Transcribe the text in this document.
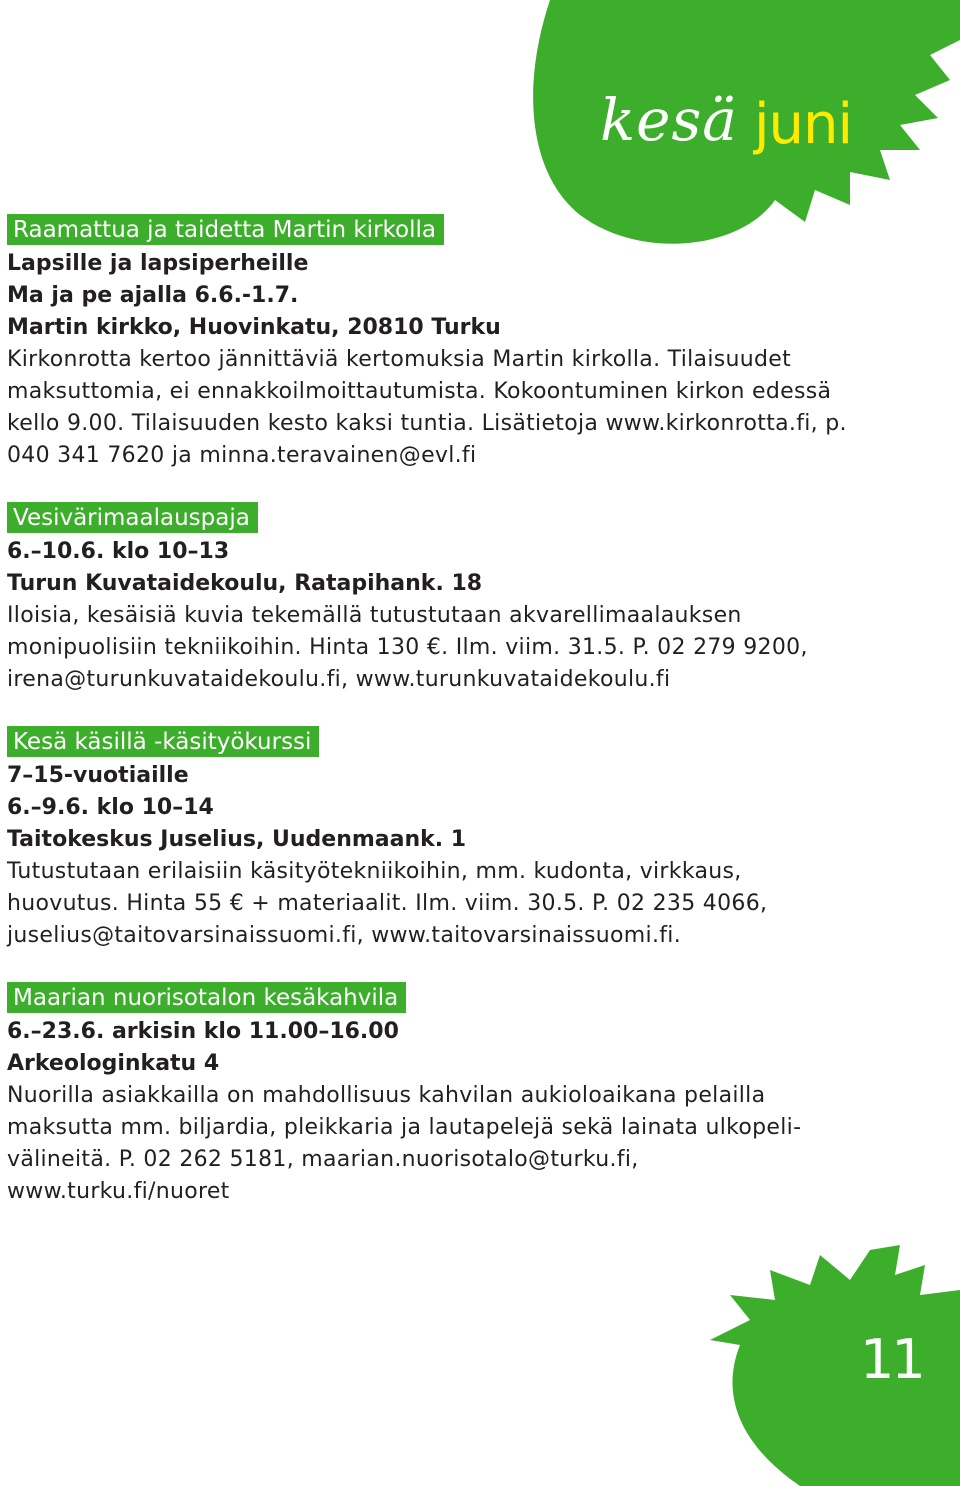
kesä juni
Raamattua ja taidetta Martin kirkolla
Lapsille ja lapsiperheille
Ma ja pe ajalla 6.6.-1.7.
Martin kirkko, Huovinkatu, 20810 Turku
Kirkonrotta kertoo jännittäviä kertomuksia Martin kirkolla. Tilaisuudet maksuttomia, ei ennakkoilmoittautumista. Kokoontuminen kirkon edessä kello 9.00. Tilaisuuden kesto kaksi tuntia. Lisätietoja www.kirkonrotta.fi, p. 040 341 7620 ja minna.teravainen@evl.fi
Vesivärimaalauspaja
6.–10.6. klo 10–13
Turun Kuvataidekoulu, Ratapihank. 18
Iloisia, kesäisiä kuvia tekemällä tutustutaan akvarellimaalauksen monipuolisiin tekniikoihin. Hinta 130 €. Ilm. viim. 31.5. P. 02 279 9200, irena@turunkuvataidekoulu.fi, www.turunkuvataidekoulu.fi
Kesä käsillä -käsityökurssi
7–15-vuotiaille
6.–9.6. klo 10–14
Taitokeskus Juselius, Uudenmaank. 1
Tutustutaan erilaisiin käsityötekniikoihin, mm. kudonta, virkkaus, huovutus. Hinta 55 € + materiaalit. Ilm. viim. 30.5. P. 02 235 4066, juselius@taitovarsinaissuomi.fi, www.taitovarsinaissuomi.fi.
Maarian nuorisotalon kesäkahvila
6.–23.6. arkisin klo 11.00–16.00
Arkeologinkatu 4
Nuorilla asiakkailla on mahdollisuus kahvilan aukioloaikana pelailla maksutta mm. biljardia, pleikkaria ja lautapelejä sekä lainata ulkopeli-välineitä. P. 02 262 5181, maarian.nuorisotalo@turku.fi, www.turku.fi/nuoret
11
